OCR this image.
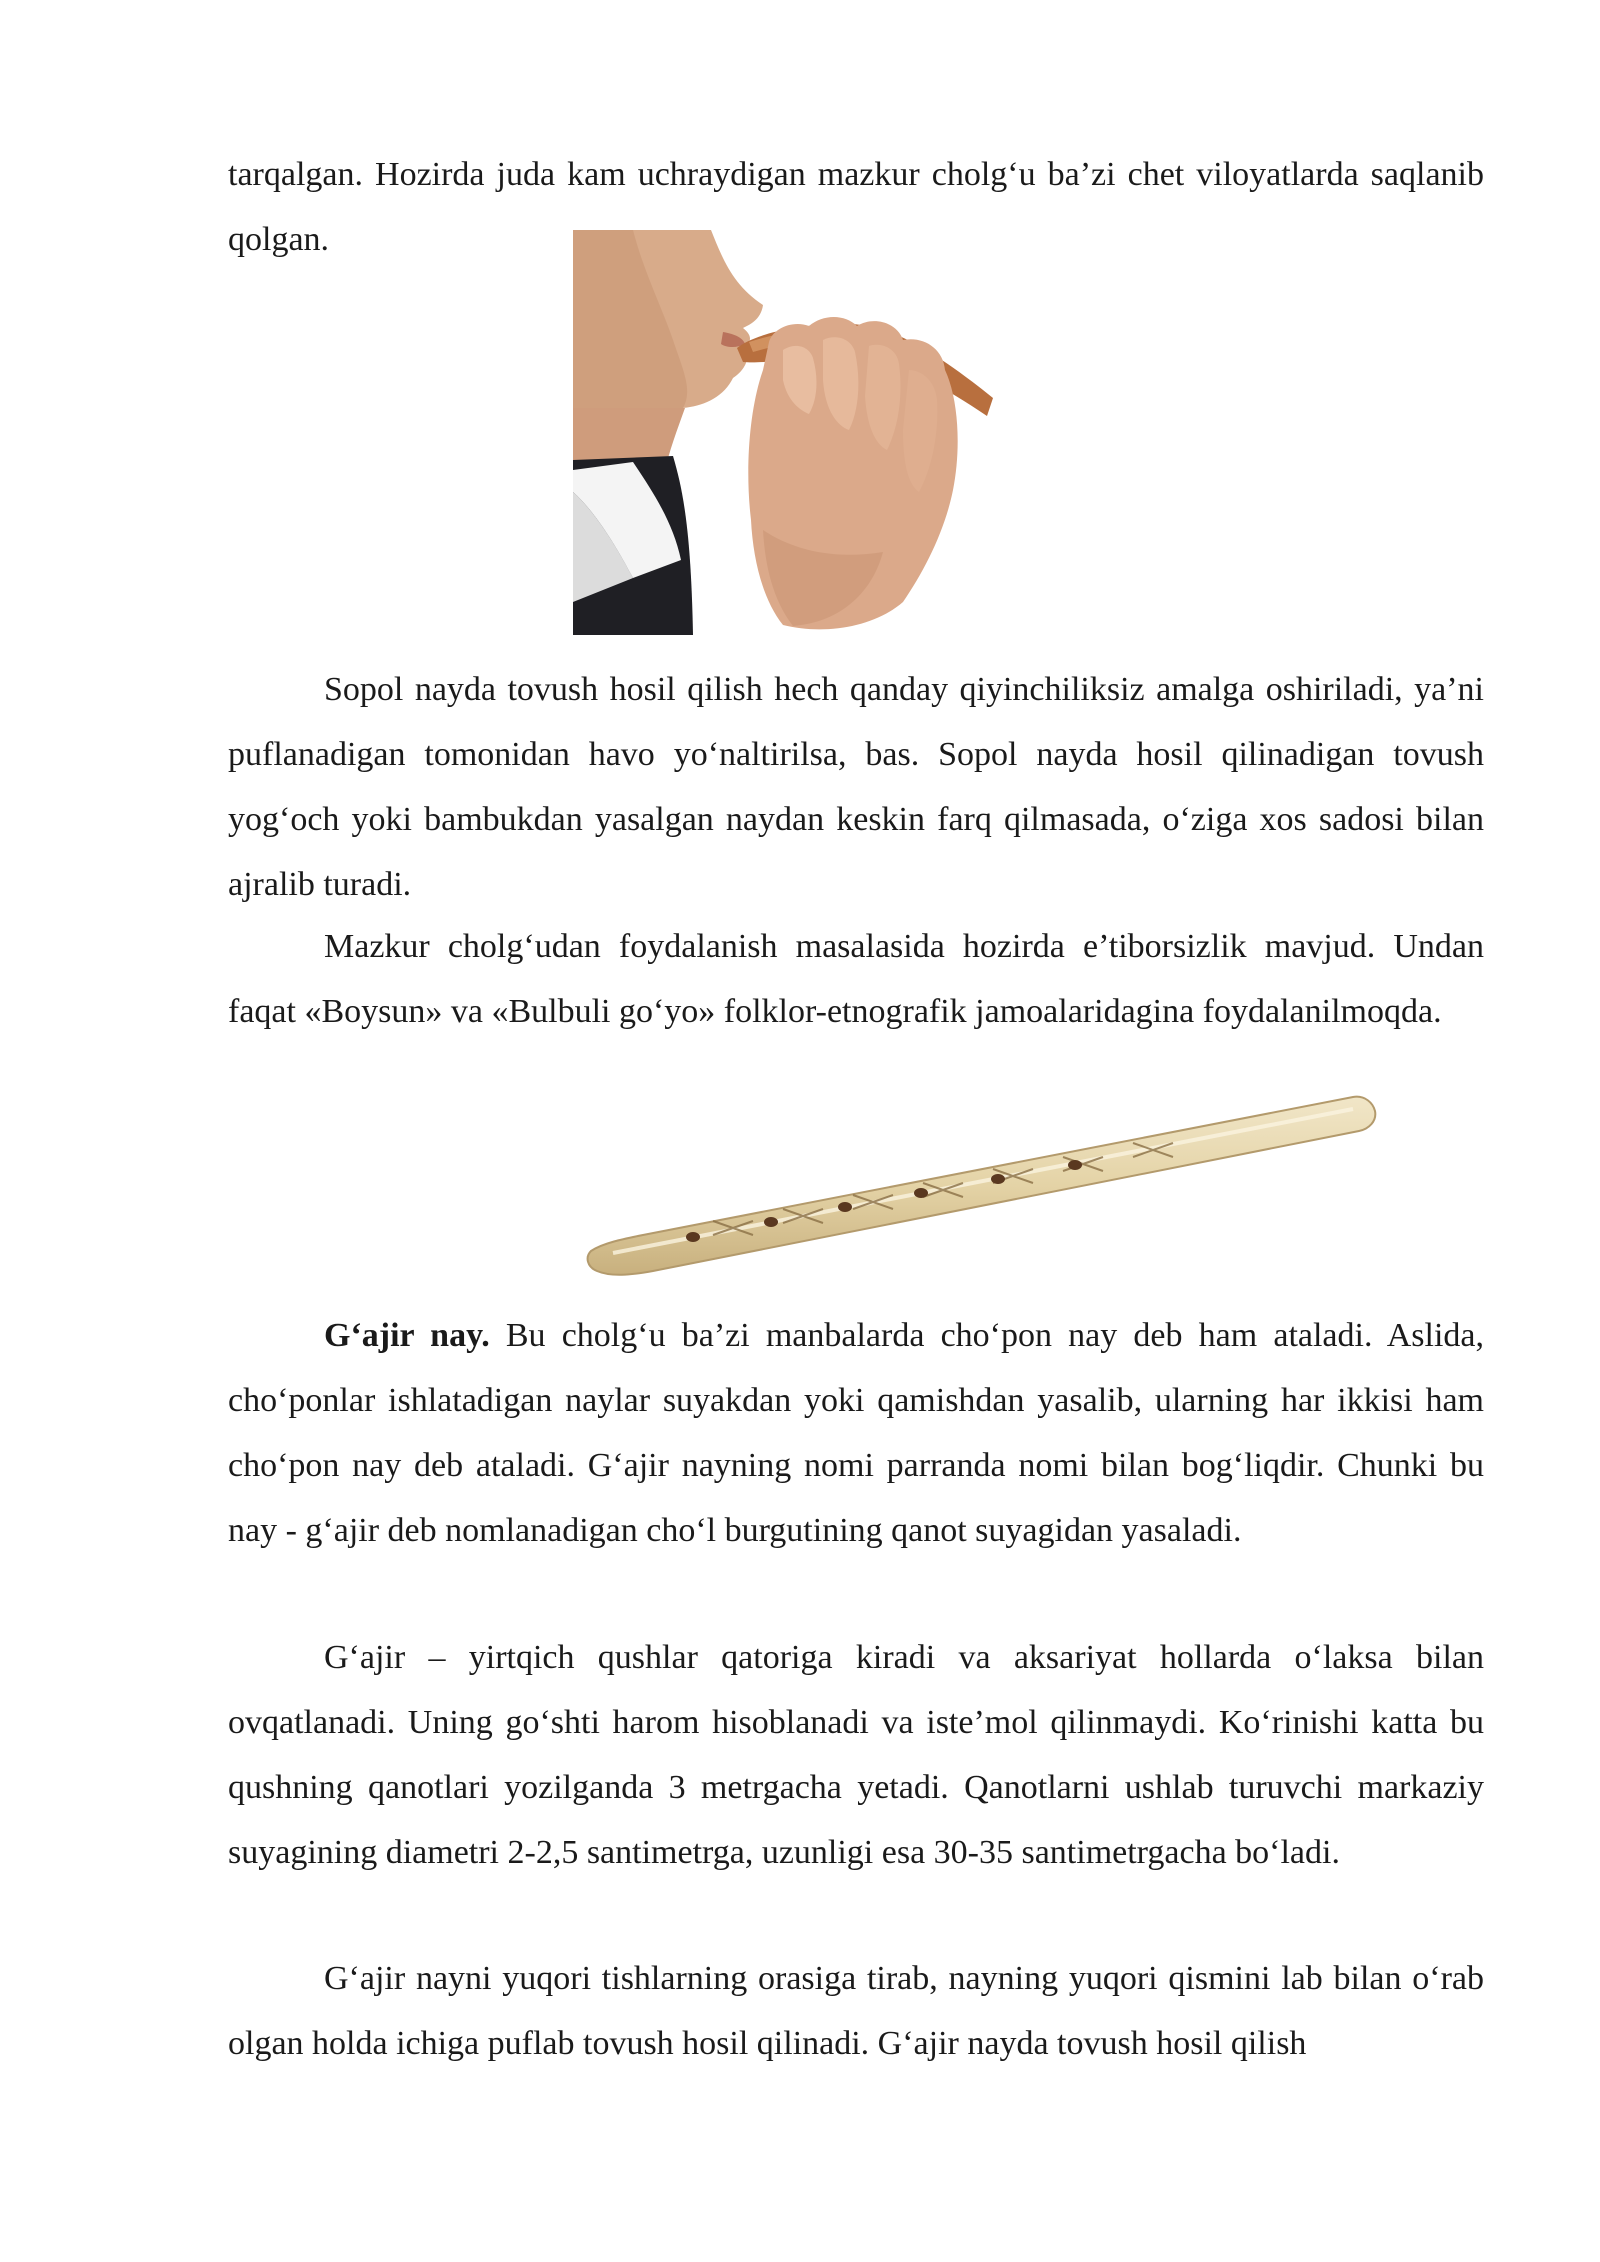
tarqalgan. Hozirda juda kam uchraydigan mazkur cholg‘u ba’zi chet viloyatlarda saqlanib qolgan.

Sopol nayda tovush hosil qilish hech qanday qiyinchiliksiz amalga oshiriladi, ya’ni puflanadigan tomonidan havo yo‘naltirilsa, bas. Sopol nayda hosil qilinadigan tovush yog‘och yoki bambukdan yasalgan naydan keskin farq qilmasada, o‘ziga xos sadosi bilan ajralib turadi.

Mazkur cholg‘udan foydalanish masalasida hozirda e’tiborsizlik mavjud. Undan faqat «Boysun» va «Bulbuli go‘yo» folklor-etnografik jamoalaridagina foydalanilmoqda.

G‘ajir nay. Bu cholg‘u ba’zi manbalarda cho‘pon nay deb ham ataladi. Aslida, cho‘ponlar ishlatadigan naylar suyakdan yoki qamishdan yasalib, ularning har ikkisi ham cho‘pon nay deb ataladi. G‘ajir nayning nomi parranda nomi bilan bog‘liqdir. Chunki bu nay - g‘ajir deb nomlanadigan cho‘l burgutining qanot suyagidan yasaladi.

G‘ajir – yirtqich qushlar qatoriga kiradi va aksariyat hollarda o‘laksa bilan ovqatlanadi. Uning go‘shti harom hisoblanadi va iste’mol qilinmaydi. Ko‘rinishi katta bu qushning qanotlari yozilganda 3 metrgacha yetadi. Qanotlarni ushlab turuvchi markaziy suyagining diametri 2-2,5 santimetrga, uzunligi esa 30-35 santimetrgacha bo‘ladi.

G‘ajir nayni yuqori tishlarning orasiga tirab, nayning yuqori qismini lab bilan o‘rab olgan holda ichiga puflab tovush hosil qilinadi. G‘ajir nayda tovush hosil qilish
